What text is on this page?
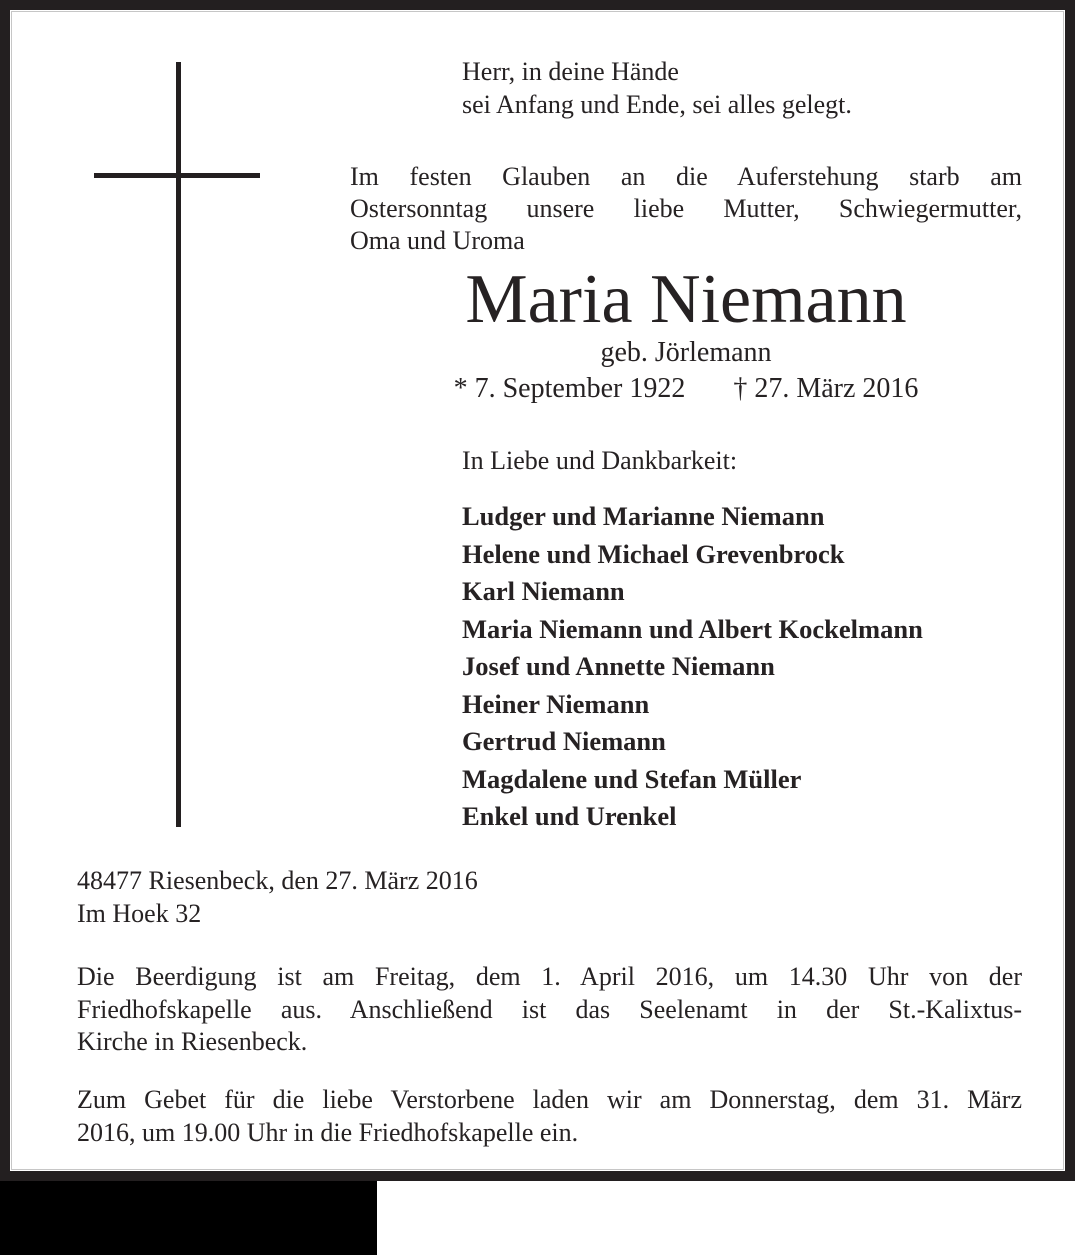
Herr, in deine Hände
sei Anfang und Ende, sei alles gelegt.
Im festen Glauben an die Auferstehung starb am
Ostersonntag unsere liebe Mutter, Schwiegermutter,
Oma und Uroma
Maria Niemann
geb. Jörlemann
* 7. September 1922 † 27. März 2016
In Liebe und Dankbarkeit:
Ludger und Marianne Niemann
Helene und Michael Grevenbrock
Karl Niemann
Maria Niemann und Albert Kockelmann
Josef und Annette Niemann
Heiner Niemann
Gertrud Niemann
Magdalene und Stefan Müller
Enkel und Urenkel
48477 Riesenbeck, den 27. März 2016
Im Hoek 32
Die Beerdigung ist am Freitag, dem 1. April 2016, um 14.30 Uhr von der
Friedhofskapelle aus. Anschließend ist das Seelenamt in der St.-Kalixtus-
Kirche in Riesenbeck.
Zum Gebet für die liebe Verstorbene laden wir am Donnerstag, dem 31. März
2016, um 19.00 Uhr in die Friedhofskapelle ein.
